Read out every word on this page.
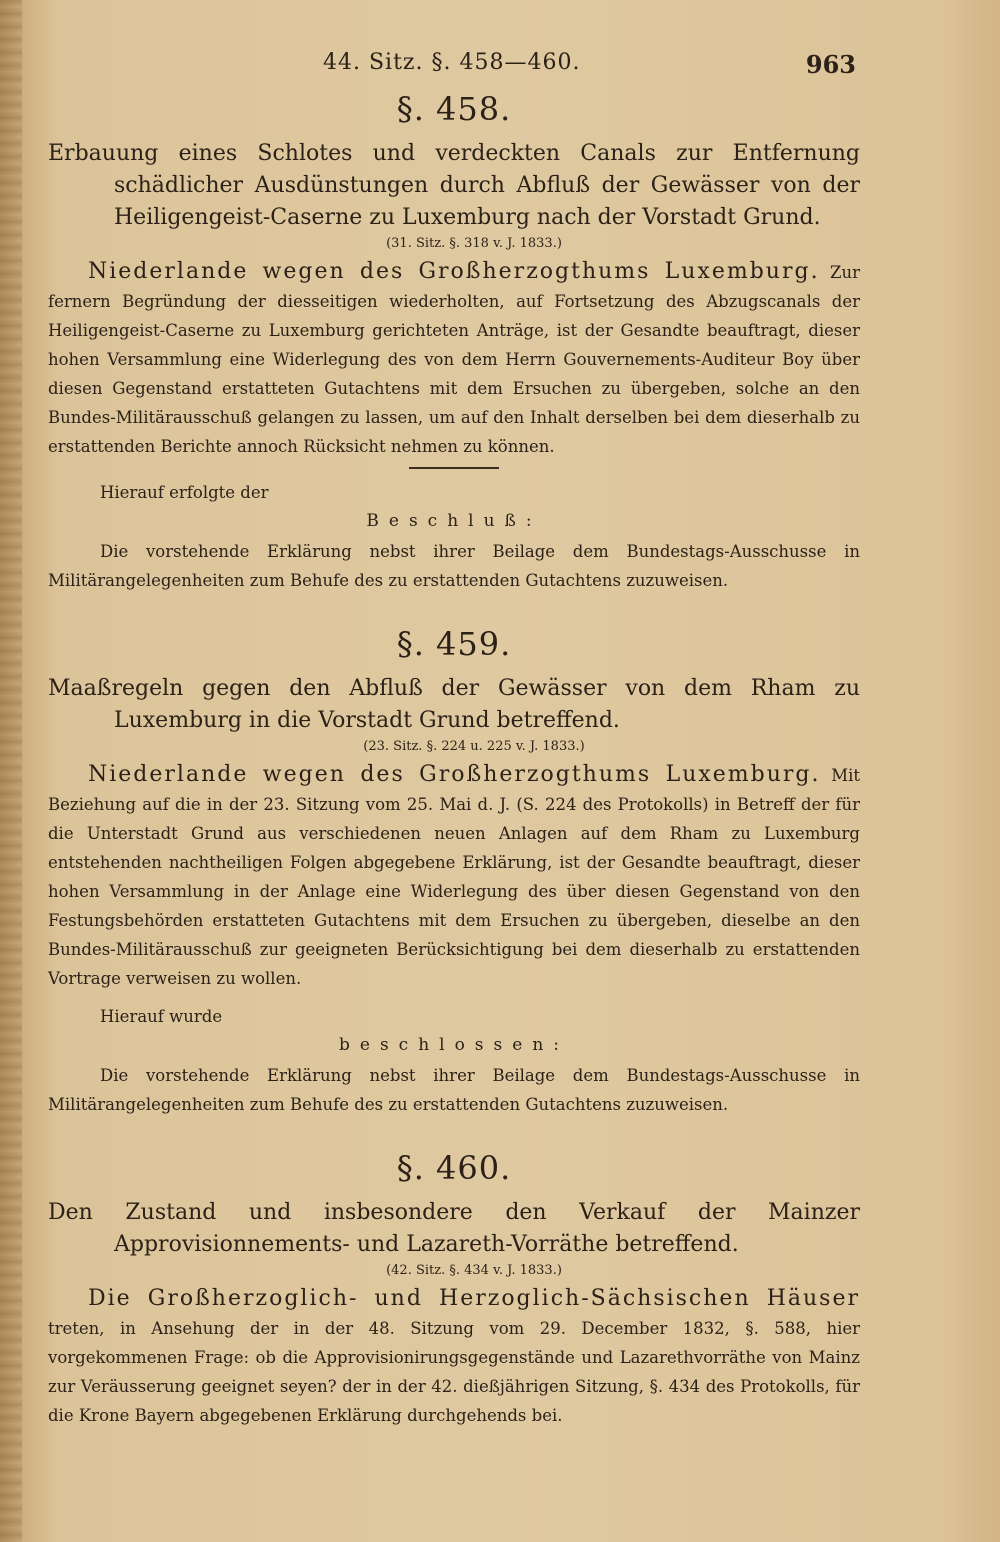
44. Sitz. §. 458—460.	963
§. 458.
Erbauung eines Schlotes und verdeckten Canals zur Entfernung schädlicher Ausdünstungen durch Abfluß der Gewässer von der Heiligengeist-Caserne zu Luxemburg nach der Vorstadt Grund.
(31. Sitz. §. 318 v. J. 1833.)

Niederlande wegen des Großherzogthums Luxemburg. Zur fernern Begründung der diesseitigen wiederholten, auf Fortsetzung des Abzugscanals der Heiligengeist-Caserne zu Luxemburg gerichteten Anträge, ist der Gesandte beauftragt, dieser hohen Versammlung eine Widerlegung des von dem Herrn Gouvernements-Auditeur Boy über diesen Gegenstand erstatteten Gutachtens mit dem Ersuchen zu übergeben, solche an den Bundes-Militärausschuß gelangen zu lassen, um auf den Inhalt derselben bei dem dieserhalb zu erstattenden Berichte annoch Rücksicht nehmen zu können.

Hierauf erfolgte der
Beschluß:

Die vorstehende Erklärung nebst ihrer Beilage dem Bundestags-Ausschusse in Militärangelegenheiten zum Behufe des zu erstattenden Gutachtens zuzuweisen.

§. 459.
Maaßregeln gegen den Abfluß der Gewässer von dem Rham zu Luxemburg in die Vorstadt Grund betreffend.
(23. Sitz. §. 224 u. 225 v. J. 1833.)

Niederlande wegen des Großherzogthums Luxemburg. Mit Beziehung auf die in der 23. Sitzung vom 25. Mai d. J. (S. 224 des Protokolls) in Betreff der für die Unterstadt Grund aus verschiedenen neuen Anlagen auf dem Rham zu Luxemburg entstehenden nachtheiligen Folgen abgegebene Erklärung, ist der Gesandte beauftragt, dieser hohen Versammlung in der Anlage eine Widerlegung des über diesen Gegenstand von den Festungsbehörden erstatteten Gutachtens mit dem Ersuchen zu übergeben, dieselbe an den Bundes-Militärausschuß zur geeigneten Berücksichtigung bei dem dieserhalb zu erstattenden Vortrage verweisen zu wollen.

Hierauf wurde
beschlossen:

Die vorstehende Erklärung nebst ihrer Beilage dem Bundestags-Ausschusse in Militärangelegenheiten zum Behufe des zu erstattenden Gutachtens zuzuweisen.

§. 460.
Den Zustand und insbesondere den Verkauf der Mainzer Approvisionnements- und Lazareth-Vorräthe betreffend.
(42. Sitz. §. 434 v. J. 1833.)

Die Großherzoglich- und Herzoglich-Sächsischen Häuser treten, in Ansehung der in der 48. Sitzung vom 29. December 1832, §. 588, hier vorgekommenen Frage: ob die Approvisionirungsgegenstände und Lazarethvorräthe von Mainz zur Veräusserung geeignet seyen? der in der 42. dießjährigen Sitzung, §. 434 des Protokolls, für die Krone Bayern abgegebenen Erklärung durchgehends bei.
